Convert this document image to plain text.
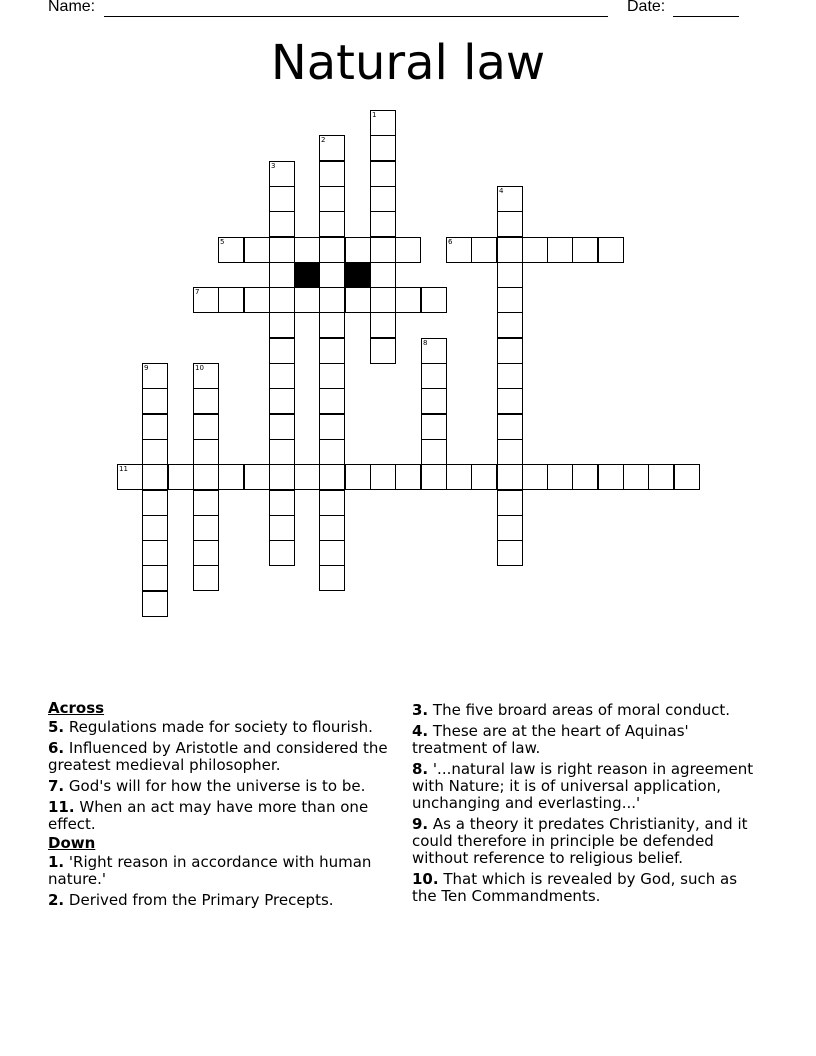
Name:	Date:
Natural law
5	6
7
11
1
2
3
4
8
9	10
Across
5. Regulations made for society to flourish.
6. Influenced by Aristotle and considered the greatest medieval philosopher.
7. God's will for how the universe is to be.
11. When an act may have more than one effect.
Down
1. 'Right reason in accordance with human nature.'
2. Derived from the Primary Precepts.
3. The five broard areas of moral conduct.
4. These are at the heart of Aquinas' treatment of law.
8. '...natural law is right reason in agreement with Nature; it is of universal application, unchanging and everlasting...'
9. As a theory it predates Christianity, and it could therefore in principle be defended without reference to religious belief.
10. That which is revealed by God, such as the Ten Commandments.
